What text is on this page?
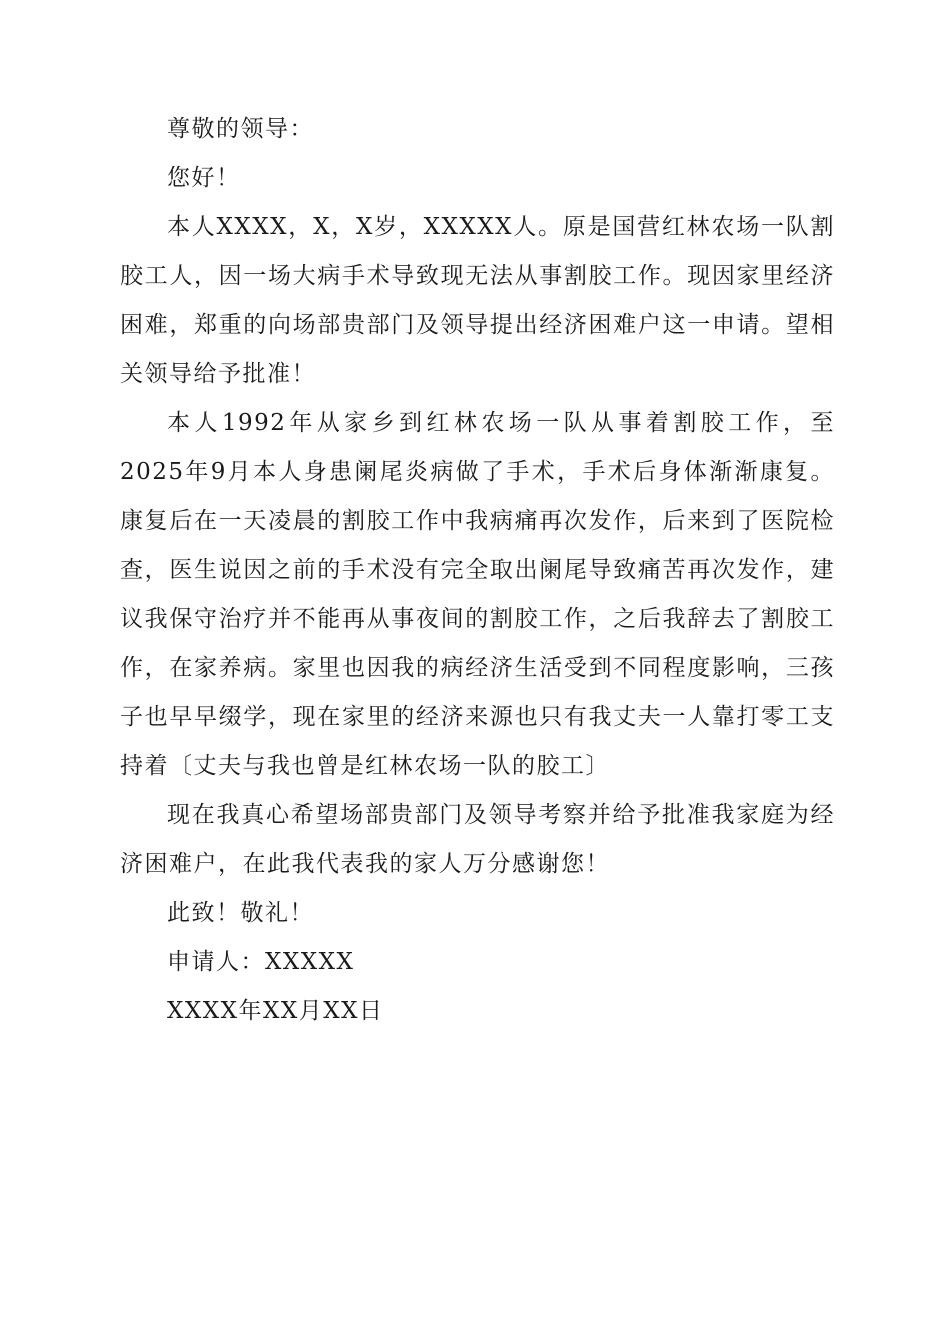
尊敬的领导：

您好！

本人XXXX，X，X岁，XXXXX人。原是国营红林农场一队割胶工人，因一场大病手术导致现无法从事割胶工作。现因家里经济困难，郑重的向场部贵部门及领导提出经济困难户这一申请。望相关领导给予批准！

本人1992年从家乡到红林农场一队从事着割胶工作，至2025年9月本人身患阑尾炎病做了手术，手术后身体渐渐康复。康复后在一天凌晨的割胶工作中我病痛再次发作，后来到了医院检查，医生说因之前的手术没有完全取出阑尾导致痛苦再次发作，建议我保守治疗并不能再从事夜间的割胶工作，之后我辞去了割胶工作，在家养病。家里也因我的病经济生活受到不同程度影响，三孩子也早早缀学，现在家里的经济来源也只有我丈夫一人靠打零工支持着〔丈夫与我也曾是红林农场一队的胶工〕

现在我真心希望场部贵部门及领导考察并给予批准我家庭为经济困难户，在此我代表我的家人万分感谢您！

此致！敬礼！

申请人：XXXXX

XXXX年XX月XX日
